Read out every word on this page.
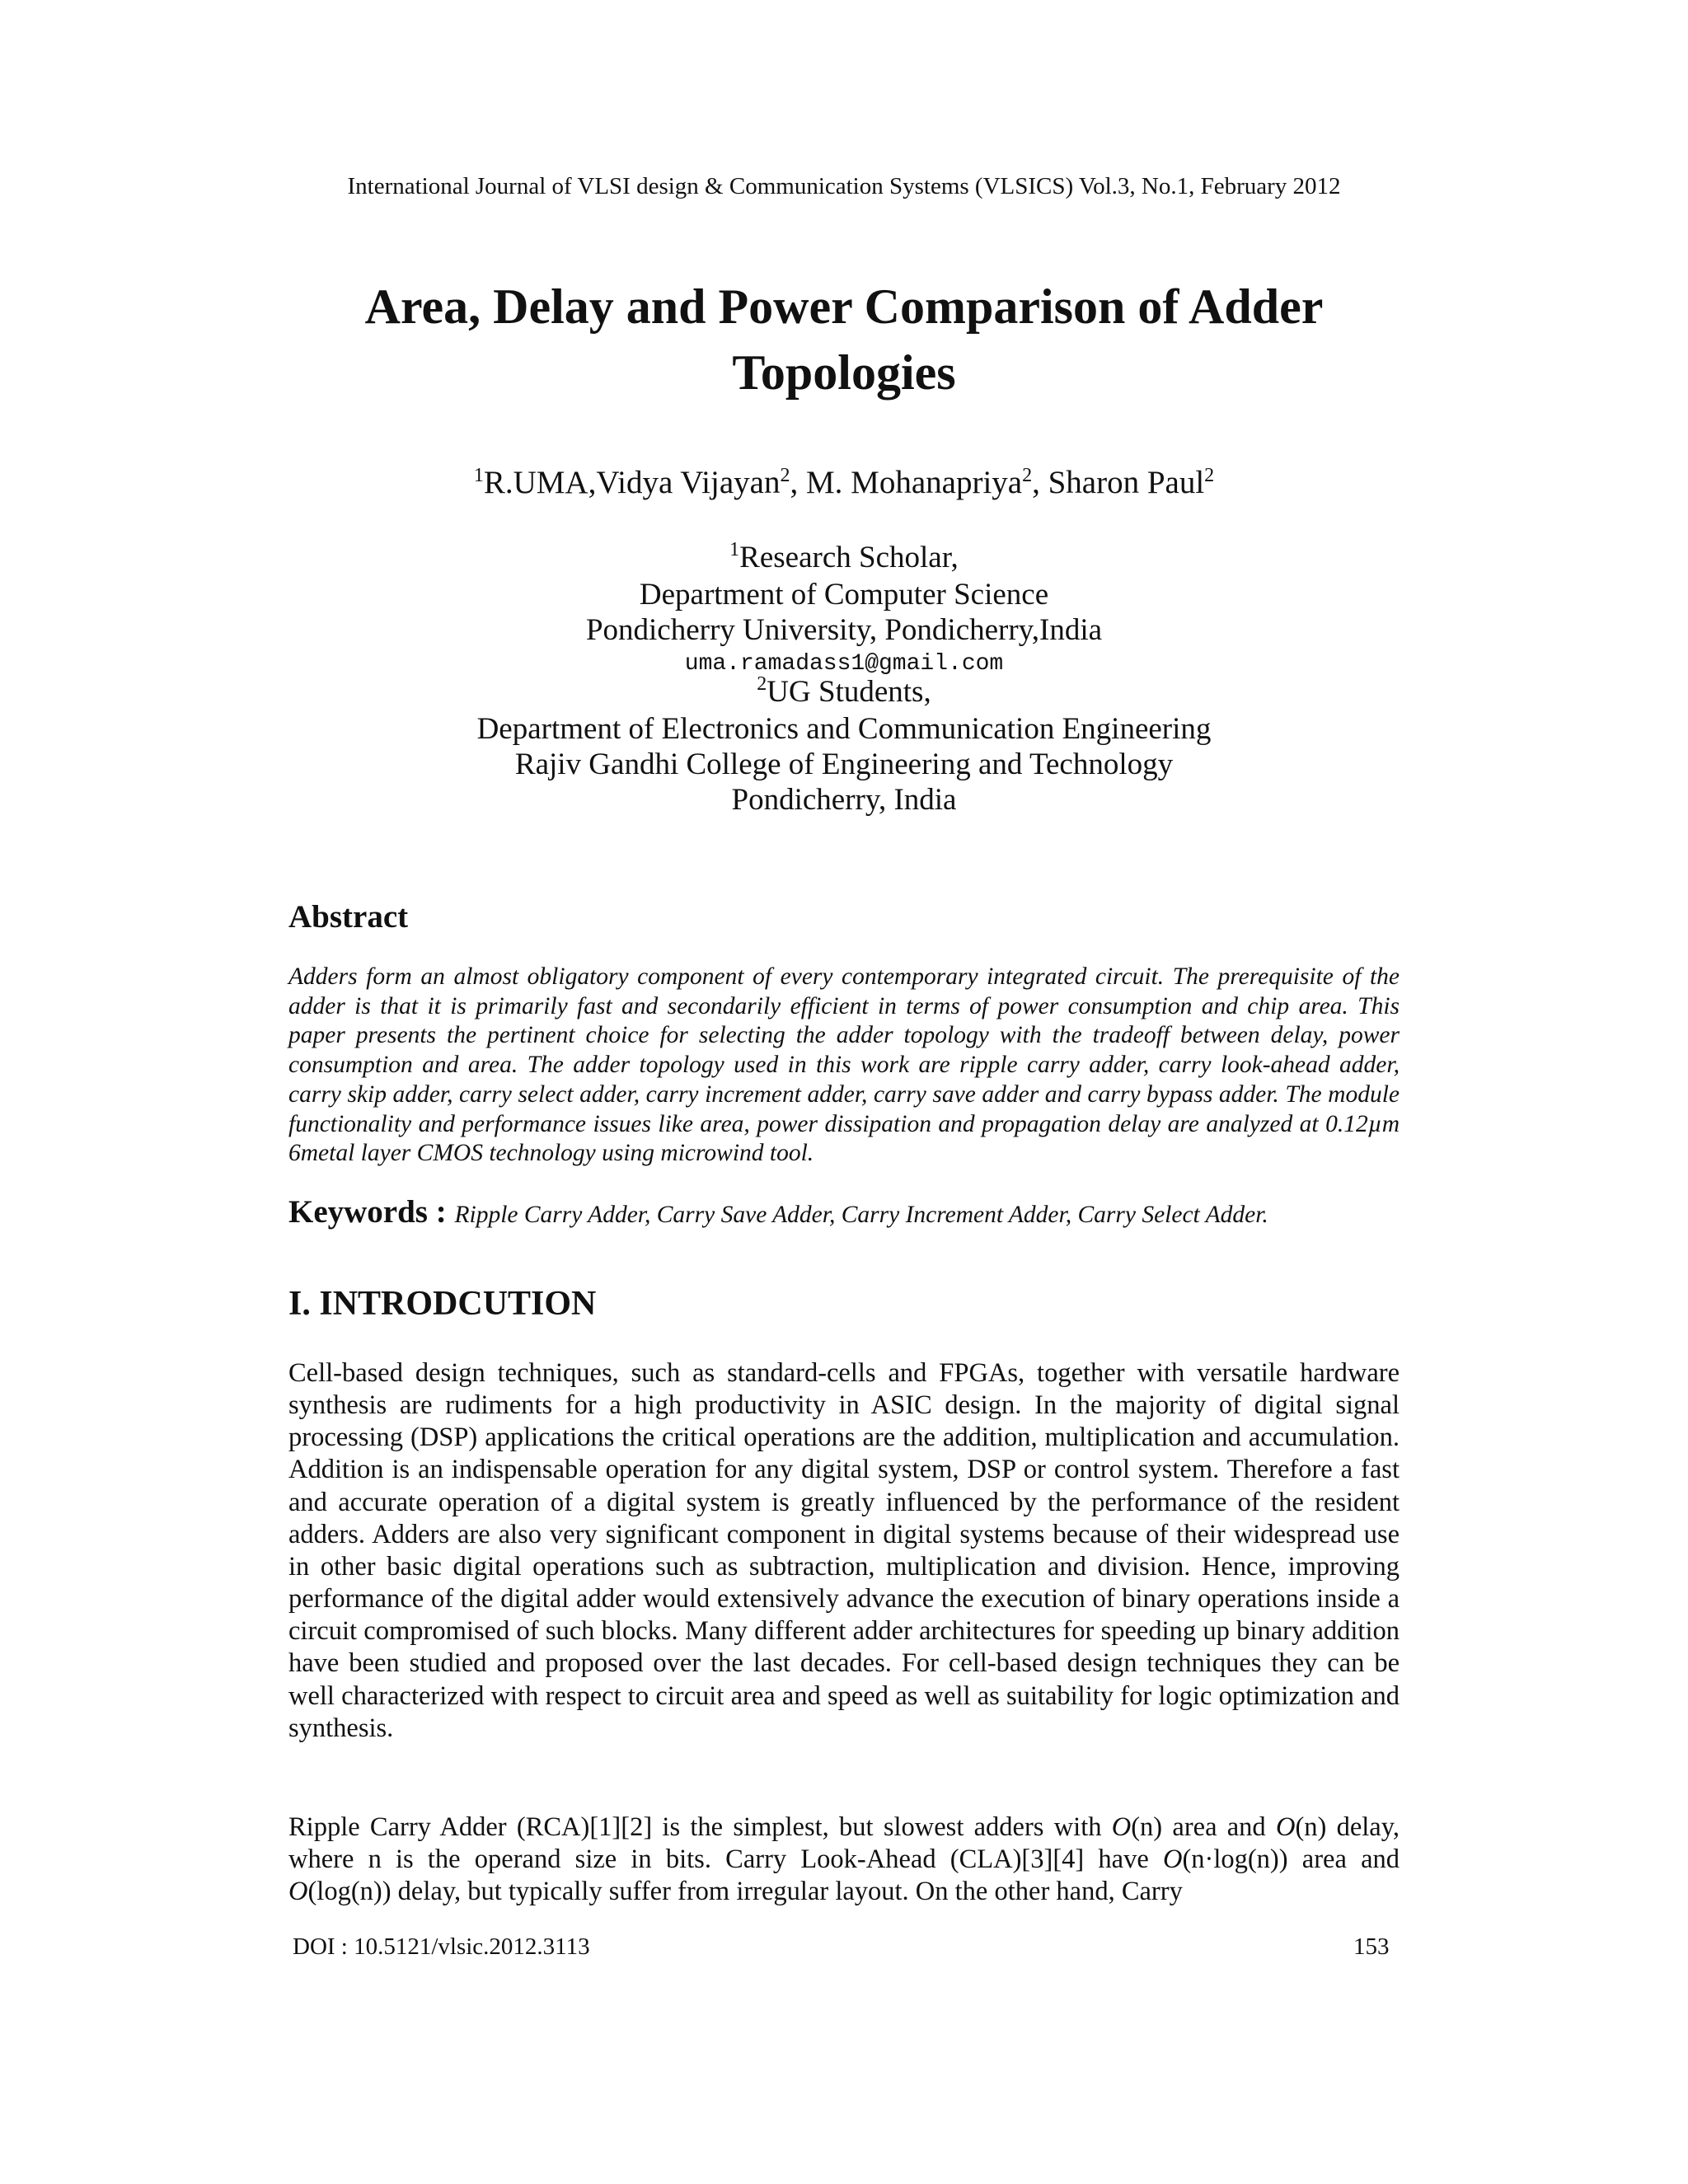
International Journal of VLSI design & Communication Systems (VLSICS) Vol.3, No.1, February 2012
Area, Delay and Power Comparison of Adder
Topologies
$^1$R.UMA,Vidya Vijayan$^2$, M. Mohanapriya$^2$, Sharon Paul$^2$
$^1$Research Scholar,
Department of Computer Science
Pondicherry University, Pondicherry,India
uma.ramadass1@gmail.com
$^2$UG Students,
Department of Electronics and Communication Engineering
Rajiv Gandhi College of Engineering and Technology
Pondicherry, India
Abstract

Adders form an almost obligatory component of every contemporary integrated circuit. The prerequisite of the adder is that it is primarily fast and secondarily efficient in terms of power consumption and chip area. This paper presents the pertinent choice for selecting the adder topology with the tradeoff between delay, power consumption and area. The adder topology used in this work are ripple carry adder, carry look-ahead adder, carry skip adder, carry select adder, carry increment adder, carry save adder and carry bypass adder. The module functionality and performance issues like area, power dissipation and propagation delay are analyzed at 0.12µm 6metal layer CMOS technology using microwind tool.

Keywords : Ripple Carry Adder, Carry Save Adder, Carry Increment Adder, Carry Select Adder.
I. INTRODCUTION

Cell-based design techniques, such as standard-cells and FPGAs, together with versatile hardware synthesis are rudiments for a high productivity in ASIC design. In the majority of digital signal processing (DSP) applications the critical operations are the addition, multiplication and accumulation. Addition is an indispensable operation for any digital system, DSP or control system. Therefore a fast and accurate operation of a digital system is greatly influenced by the performance of the resident adders. Adders are also very significant component in digital systems because of their widespread use in other basic digital operations such as subtraction, multiplication and division. Hence, improving performance of the digital adder would extensively advance the execution of binary operations inside a circuit compromised of such blocks. Many different adder architectures for speeding up binary addition have been studied and proposed over the last decades. For cell-based design techniques they can be well characterized with respect to circuit area and speed as well as suitability for logic optimization and synthesis.

Ripple Carry Adder (RCA)[1][2] is the simplest, but slowest adders with O(n) area and O(n) delay, where n is the operand size in bits. Carry Look-Ahead (CLA)[3][4] have O(n·log(n)) area and O(log(n)) delay, but typically suffer from irregular layout. On the other hand, Carry

DOI : 10.5121/vlsic.2012.3113	153
